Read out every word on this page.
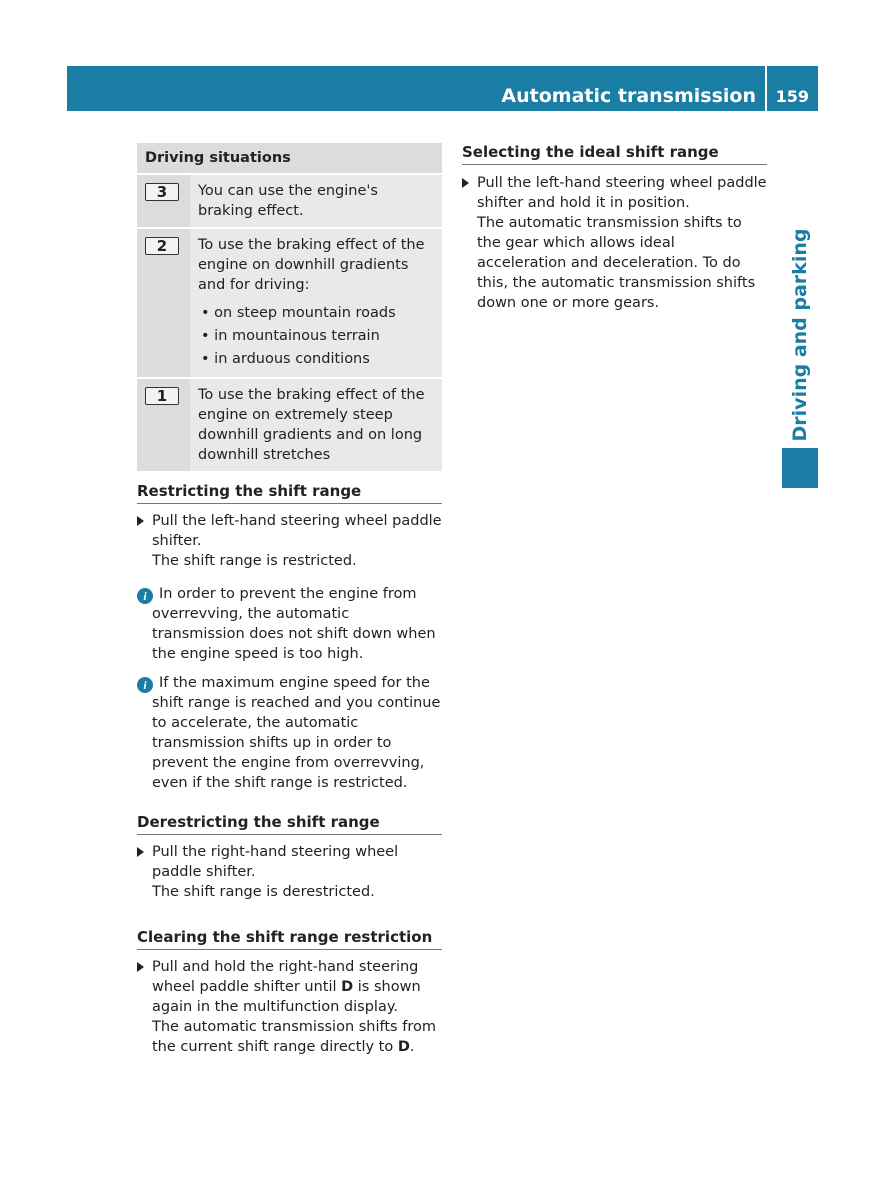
Automatic transmission 159
Driving and parking
Driving situations
3	You can use the engine's braking effect.
2	To use the braking effect of the engine on downhill gradients and for driving:
• on steep mountain roads
• in mountainous terrain
• in arduous conditions
1	To use the braking effect of the engine on extremely steep downhill gradients and on long downhill stretches
Restricting the shift range
Pull the left-hand steering wheel paddle shifter.
The shift range is restricted.
i In order to prevent the engine from overrevving, the automatic transmission does not shift down when the engine speed is too high.
i If the maximum engine speed for the shift range is reached and you continue to accelerate, the automatic transmission shifts up in order to prevent the engine from overrevving, even if the shift range is restricted.
Derestricting the shift range
Pull the right-hand steering wheel paddle shifter.
The shift range is derestricted.
Clearing the shift range restriction
Pull and hold the right-hand steering wheel paddle shifter until D is shown again in the multifunction display.
The automatic transmission shifts from the current shift range directly to D.
Selecting the ideal shift range
Pull the left-hand steering wheel paddle shifter and hold it in position.
The automatic transmission shifts to the gear which allows ideal acceleration and deceleration. To do this, the automatic transmission shifts down one or more gears.
